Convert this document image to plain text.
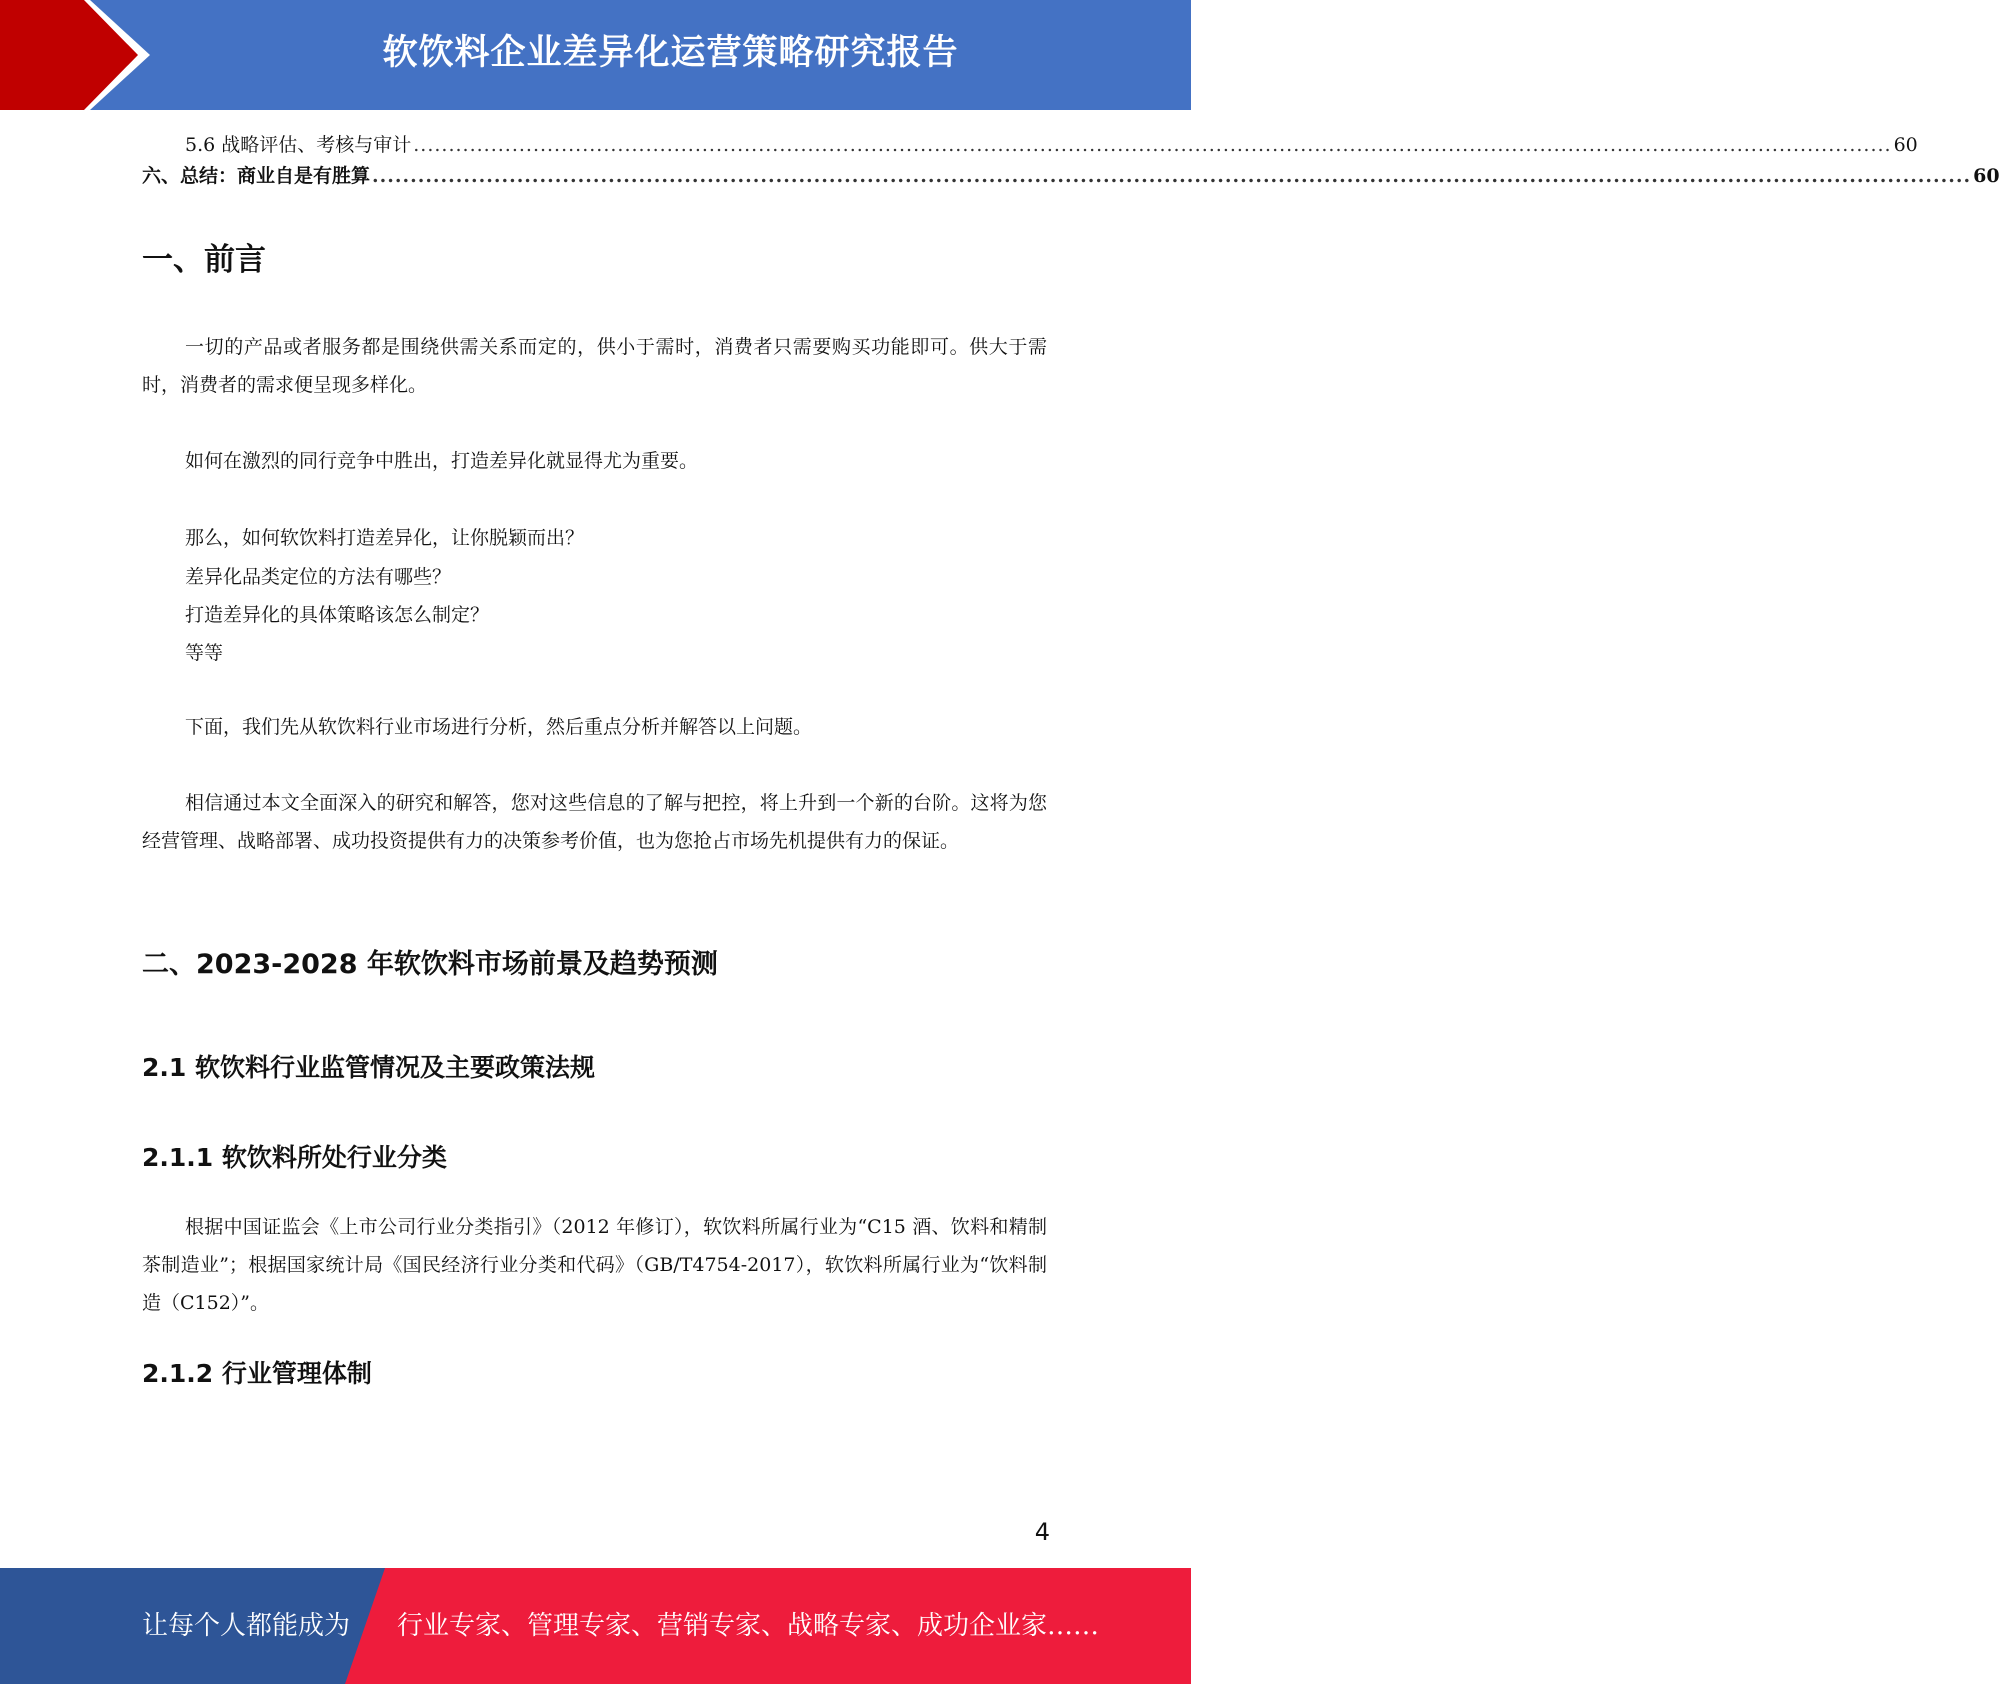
软饮料企业差异化运营策略研究报告
5.6 战略评估、考核与审计 .................................................................................................................................................................................................................. 60
六、总结：商业自是有胜算 .................................................................................................................................................................................................................. 60
一、前言

一切的产品或者服务都是围绕供需关系而定的，供小于需时，消费者只需要购买功能即可。供大于需时，消费者的需求便呈现多样化。

如何在激烈的同行竞争中胜出，打造差异化就显得尤为重要。

那么，如何软饮料打造差异化，让你脱颖而出？
差异化品类定位的方法有哪些？
打造差异化的具体策略该怎么制定？
等等

下面，我们先从软饮料行业市场进行分析，然后重点分析并解答以上问题。

相信通过本文全面深入的研究和解答，您对这些信息的了解与把控，将上升到一个新的台阶。这将为您经营管理、战略部署、成功投资提供有力的决策参考价值，也为您抢占市场先机提供有力的保证。

二、2023-2028 年软饮料市场前景及趋势预测
2.1 软饮料行业监管情况及主要政策法规
2.1.1 软饮料所处行业分类

根据中国证监会《上市公司行业分类指引》（2012 年修订），软饮料所属行业为“C15 酒、饮料和精制茶制造业”；根据国家统计局《国民经济行业分类和代码》（GB/T4754-2017），软饮料所属行业为“饮料制造（C152）”。

2.1.2 行业管理体制
4
让每个人都能成为 行业专家、管理专家、营销专家、战略专家、成功企业家……
